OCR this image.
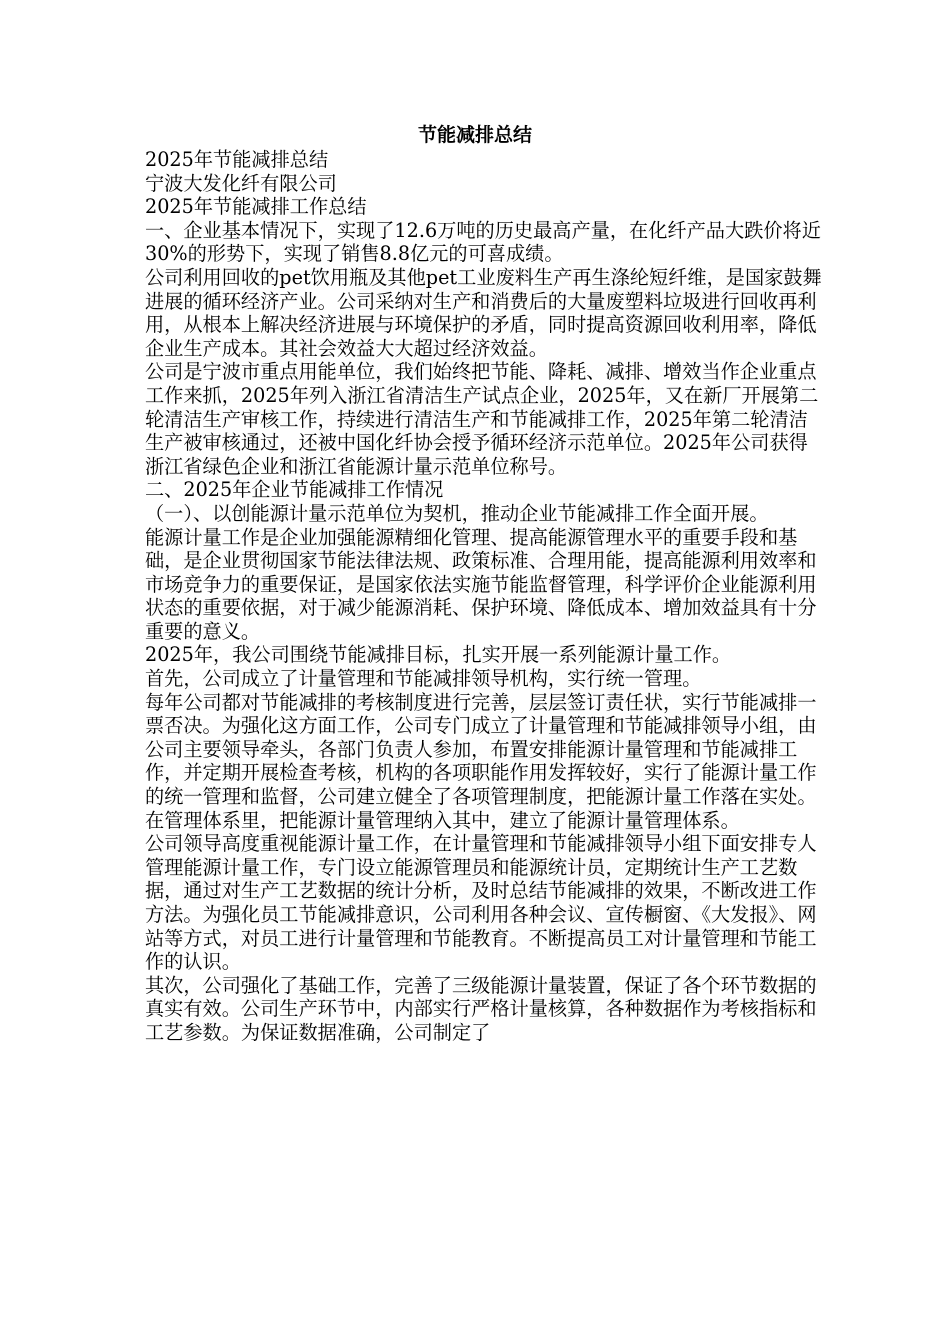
节能减排总结

2025年节能减排总结

宁波大发化纤有限公司

2025年节能减排工作总结

一、企业基本情况下，实现了12.6万吨的历史最高产量，在化纤产品大跌价将近30%的形势下，实现了销售8.8亿元的可喜成绩。

公司利用回收的pet饮用瓶及其他pet工业废料生产再生涤纶短纤维，是国家鼓舞进展的循环经济产业。公司采纳对生产和消费后的大量废塑料垃圾进行回收再利用，从根本上解决经济进展与环境保护的矛盾，同时提高资源回收利用率，降低企业生产成本。其社会效益大大超过经济效益。

公司是宁波市重点用能单位，我们始终把节能、降耗、减排、增效当作企业重点工作来抓，2025年列入浙江省清洁生产试点企业，2025年，又在新厂开展第二轮清洁生产审核工作，持续进行清洁生产和节能减排工作，2025年第二轮清洁生产被审核通过，还被中国化纤协会授予循环经济示范单位。2025年公司获得浙江省绿色企业和浙江省能源计量示范单位称号。

二、2025年企业节能减排工作情况

（一）、以创能源计量示范单位为契机，推动企业节能减排工作全面开展。

能源计量工作是企业加强能源精细化管理、提高能源管理水平的重要手段和基础，是企业贯彻国家节能法律法规、政策标准、合理用能，提高能源利用效率和市场竞争力的重要保证，是国家依法实施节能监督管理，科学评价企业能源利用状态的重要依据，对于减少能源消耗、保护环境、降低成本、增加效益具有十分重要的意义。

2025年，我公司围绕节能减排目标，扎实开展一系列能源计量工作。

首先，公司成立了计量管理和节能减排领导机构，实行统一管理。

每年公司都对节能减排的考核制度进行完善，层层签订责任状，实行节能减排一票否决。为强化这方面工作，公司专门成立了计量管理和节能减排领导小组，由公司主要领导牵头，各部门负责人参加，布置安排能源计量管理和节能减排工作，并定期开展检查考核，机构的各项职能作用发挥较好，实行了能源计量工作的统一管理和监督，公司建立健全了各项管理制度，把能源计量工作落在实处。在管理体系里，把能源计量管理纳入其中，建立了能源计量管理体系。

公司领导高度重视能源计量工作，在计量管理和节能减排领导小组下面安排专人管理能源计量工作，专门设立能源管理员和能源统计员，定期统计生产工艺数据，通过对生产工艺数据的统计分析，及时总结节能减排的效果，不断改进工作方法。为强化员工节能减排意识，公司利用各种会议、宣传橱窗、《大发报》、网站等方式，对员工进行计量管理和节能教育。不断提高员工对计量管理和节能工作的认识。

其次，公司强化了基础工作，完善了三级能源计量装置，保证了各个环节数据的真实有效。公司生产环节中，内部实行严格计量核算，各种数据作为考核指标和工艺参数。为保证数据准确，公司制定了
